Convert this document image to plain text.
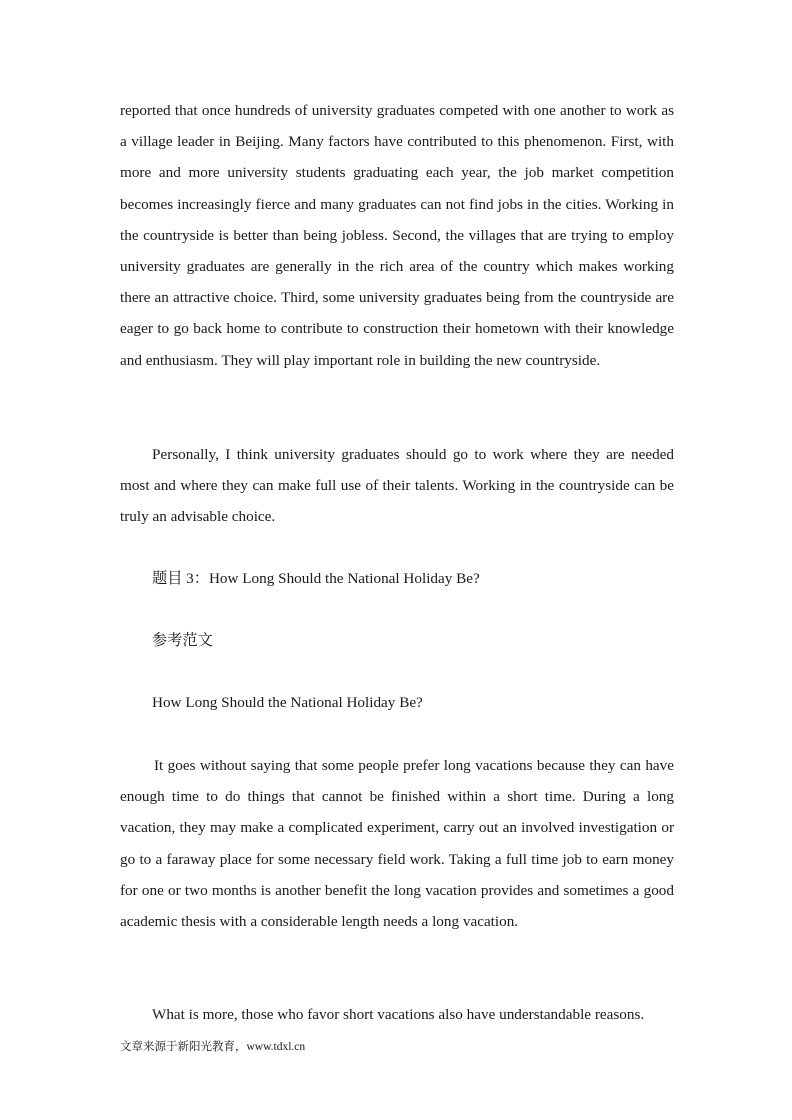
reported that once hundreds of university graduates competed with one another to work as a village leader in Beijing. Many factors have contributed to this phenomenon. First, with more and more university students graduating each year, the job market competition becomes increasingly fierce and many graduates can not find jobs in the cities. Working in the countryside is better than being jobless. Second, the villages that are trying to employ university graduates are generally in the rich area of the country which makes working there an attractive choice. Third, some university graduates being from the countryside are eager to go back home to contribute to construction their hometown with their knowledge and enthusiasm. They will play important role in building the new countryside.

Personally, I think university graduates should go to work where they are needed most and where they can make full use of their talents. Working in the countryside can be truly an advisable choice.

题目 3：How Long Should the National Holiday Be?

参考范文

How Long Should the National Holiday Be?

It goes without saying that some people prefer long vacations because they can have enough time to do things that cannot be finished within a short time. During a long vacation, they may make a complicated experiment, carry out an involved investigation or go to a faraway place for some necessary field work. Taking a full time job to earn money for one or two months is another benefit the long vacation provides and sometimes a good academic thesis with a considerable length needs a long vacation.

What is more, those who favor short vacations also have understandable reasons.

文章来源于新阳光教育，www.tdxl.cn
